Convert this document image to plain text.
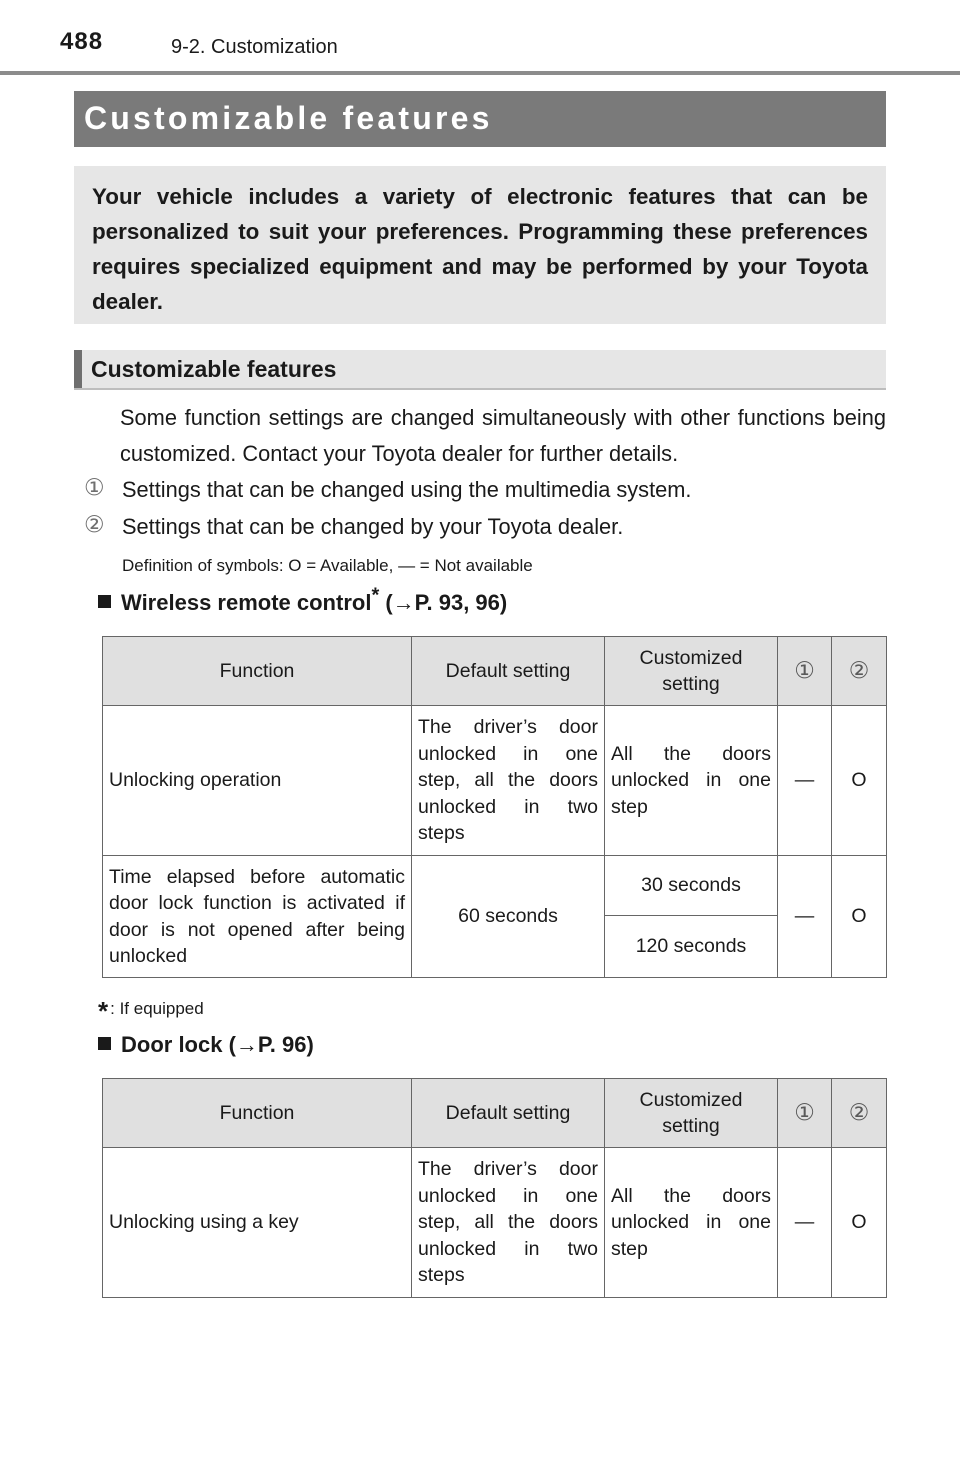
488	9-2. Customization
Customizable features

Your vehicle includes a variety of electronic features that can be personalized to suit your preferences. Programming these preferences requires specialized equipment and may be performed by your Toyota dealer.

Customizable features

Some function settings are changed simultaneously with other functions being customized. Contact your Toyota dealer for further details.

① Settings that can be changed using the multimedia system.
② Settings that can be changed by your Toyota dealer.
Definition of symbols: O = Available, — = Not available
Wireless remote control* (→P. 93, 96)
Function	Default setting	Customized setting	①	②
Unlocking operation	The driver’s door unlocked in one step, all the doors unlocked in two steps	All the doors unlocked in one step	—	O
Time elapsed before automatic door lock function is activated if door is not opened after being unlocked	60 seconds	30 seconds	—	O
		120 seconds		
* : If equipped
Door lock (→P. 96)
Function	Default setting	Customized setting	①	②
Unlocking using a key	The driver’s door unlocked in one step, all the doors unlocked in two steps	All the doors unlocked in one step	—	O
